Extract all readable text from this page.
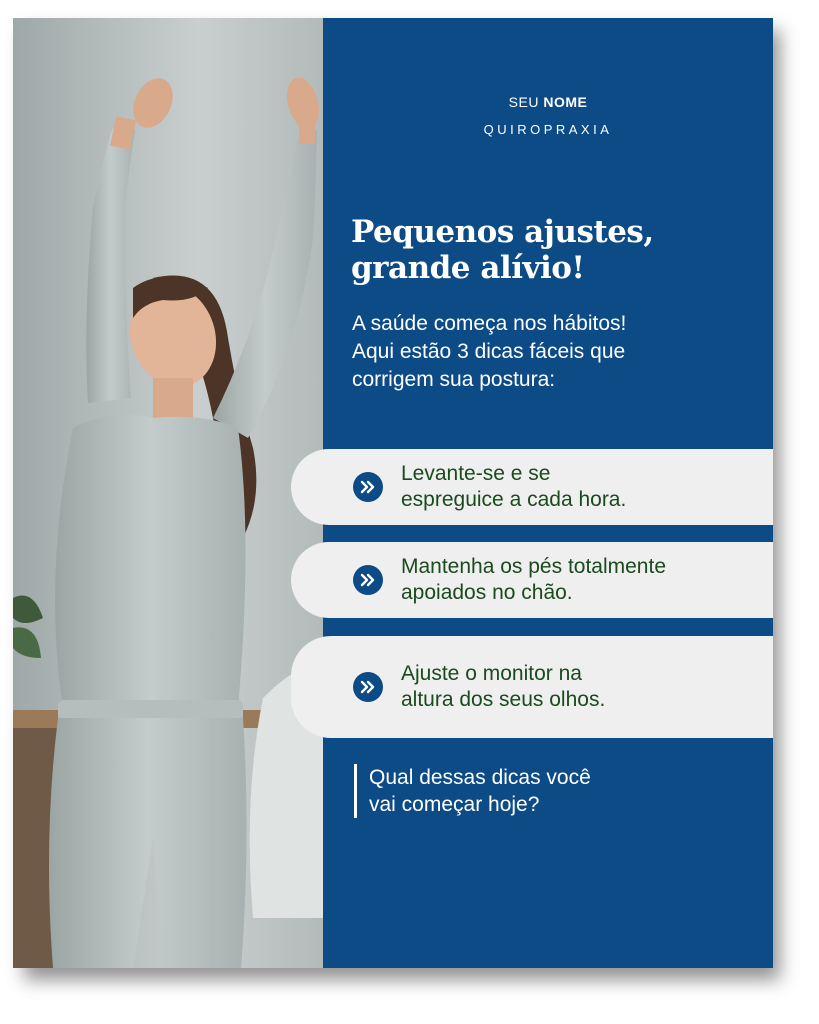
SEU NOME
QUIROPRAXIA
Pequenos ajustes, grande alívio!
A saúde começa nos hábitos! Aqui estão 3 dicas fáceis que corrigem sua postura:
Levante-se e se
espreguice a cada hora.
Mantenha os pés totalmente
apoiados no chão.
Ajuste o monitor na
altura dos seus olhos.
Qual dessas dicas você
vai começar hoje?
